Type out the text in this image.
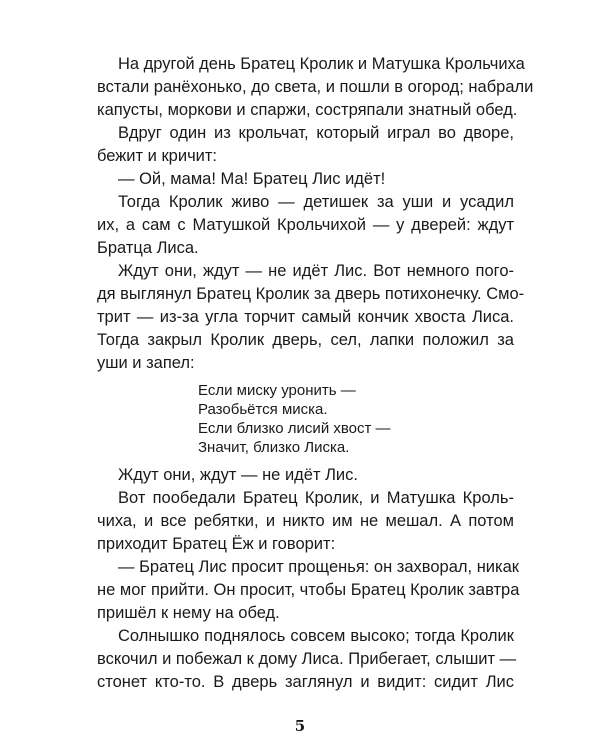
На другой день Братец Кролик и Матушка Крольчиха
встали ранёхонько, до света, и пошли в огород; набрали
капусты, моркови и спаржи, состряпали знатный обед.
Вдруг один из крольчат, который играл во дворе,
бежит и кричит:
— Ой, мама! Ма! Братец Лис идёт!
Тогда Кролик живо — детишек за уши и усадил
их, а сам с Матушкой Крольчихой — у дверей: ждут
Братца Лиса.
Ждут они, ждут — не идёт Лис. Вот немного пого-
дя выглянул Братец Кролик за дверь потихонечку. Смо-
трит — из-за угла торчит самый кончик хвоста Лиса.
Тогда закрыл Кролик дверь, сел, лапки положил за
уши и запел:
Если миску уронить —
Разобьётся миска.
Если близко лисий хвост —
Значит, близко Лиска.
Ждут они, ждут — не идёт Лис.
Вот пообедали Братец Кролик, и Матушка Кроль-
чиха, и все ребятки, и никто им не мешал. А потом
приходит Братец Ёж и говорит:
— Братец Лис просит прощенья: он захворал, никак
не мог прийти. Он просит, чтобы Братец Кролик завтра
пришёл к нему на обед.
Солнышко поднялось совсем высоко; тогда Кролик
вскочил и побежал к дому Лиса. Прибегает, слышит —
стонет кто-то. В дверь заглянул и видит: сидит Лис
5
